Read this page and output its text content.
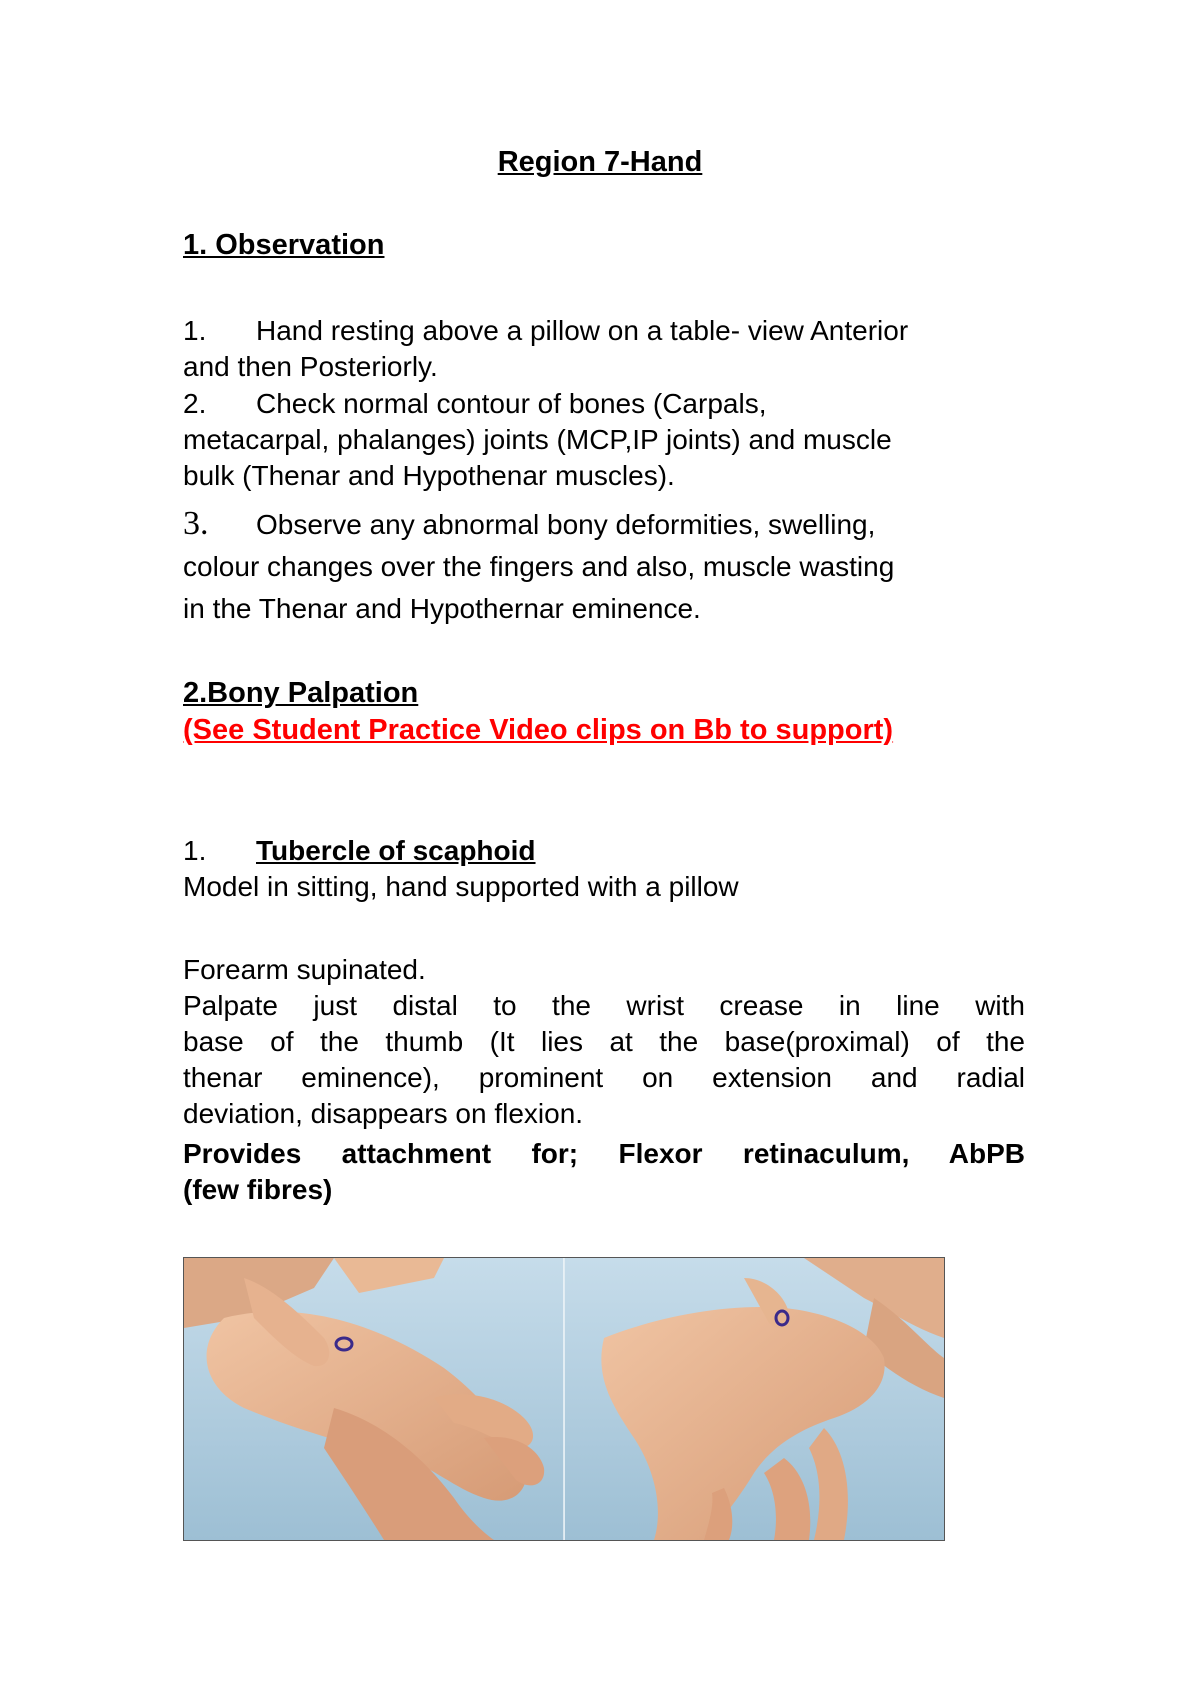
Region 7-Hand
1. Observation
1. Hand resting above a pillow on a table- view Anterior
and then Posteriorly.
2. Check normal contour of bones (Carpals,
metacarpal, phalanges) joints (MCP,IP joints) and muscle
bulk (Thenar and Hypothenar muscles).
3. Observe any abnormal bony deformities, swelling,
colour changes over the fingers and also, muscle wasting
in the Thenar and Hypothernar eminence.
2.Bony Palpation
(See Student Practice Video clips on Bb to support)
1. Tubercle of scaphoid
Model in sitting, hand supported with a pillow
Forearm supinated.
Palpate just distal to the wrist crease in line with
base of the thumb (It lies at the base(proximal) of the
thenar eminence), prominent on extension and radial
deviation, disappears on flexion.
Provides attachment for; Flexor retinaculum, AbPB
(few fibres)
